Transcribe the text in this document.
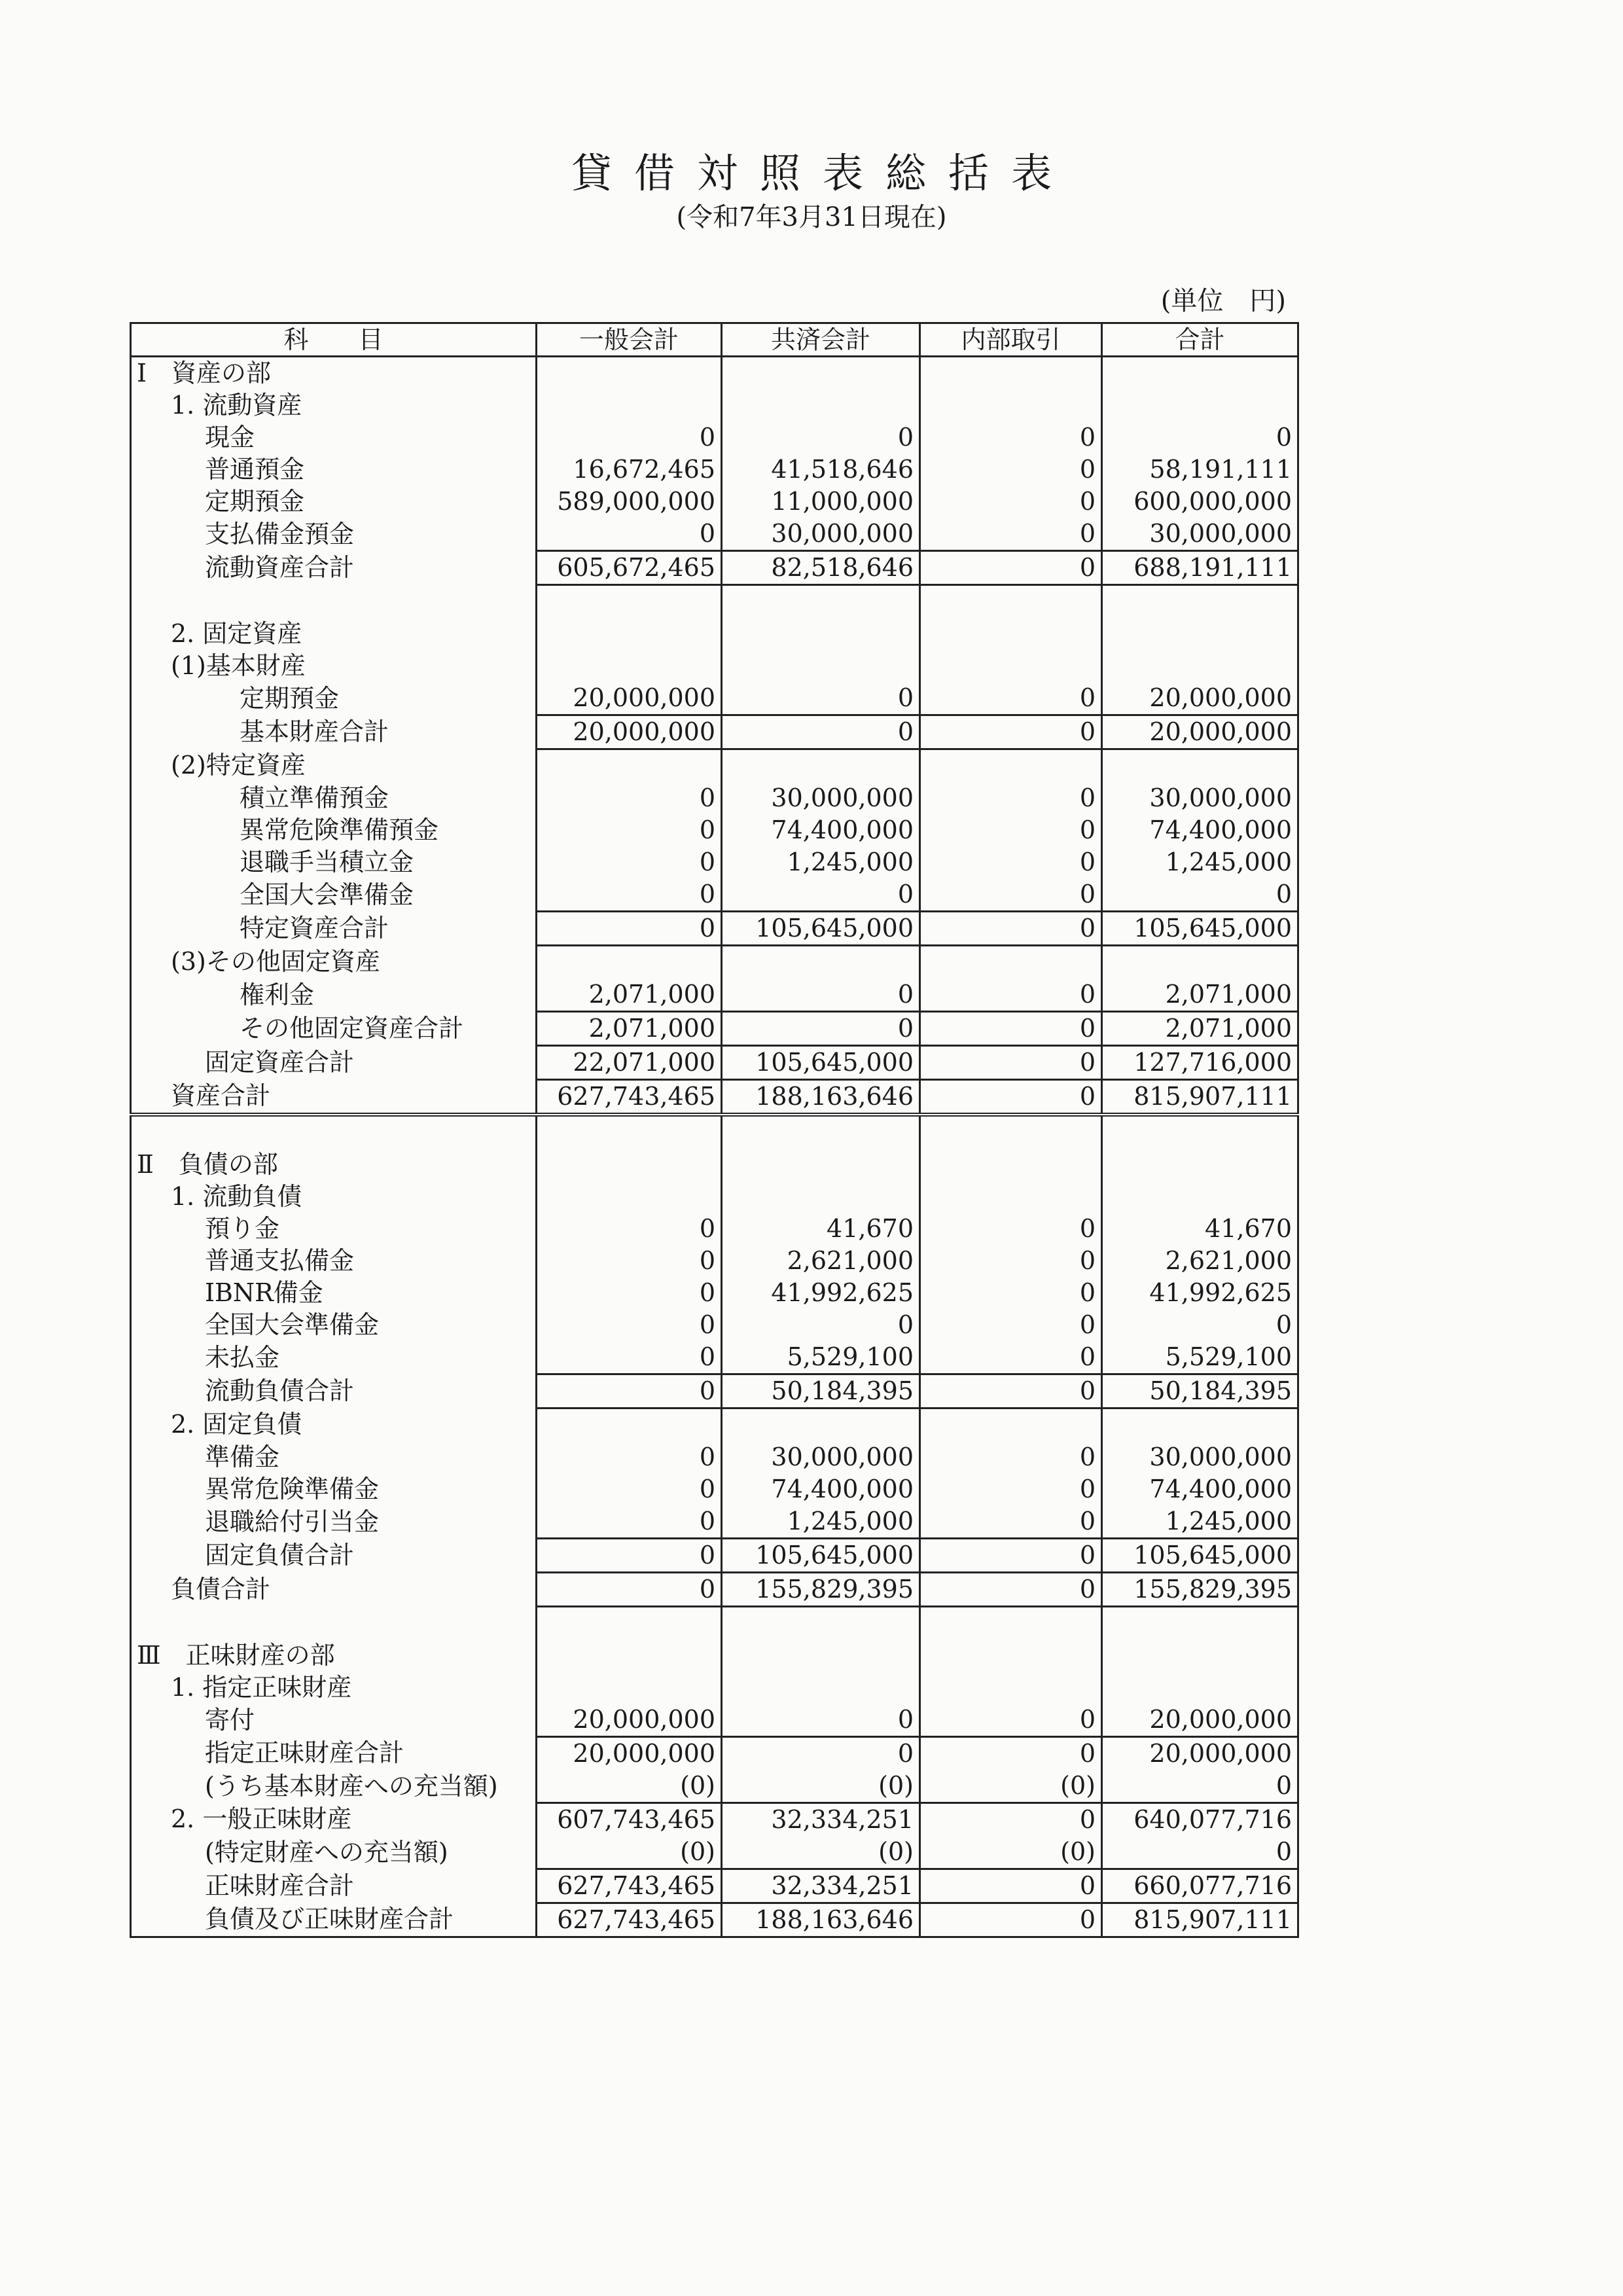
貸借対照表総括表
(令和7年3月31日現在)
(単位　円)
科　　目	一般会計	共済会計	内部取引	合計
Ⅰ　資産の部				
1. 流動資産				
現金	0	0	0	0
普通預金	16,672,465	41,518,646	0	58,191,111
定期預金	589,000,000	11,000,000	0	600,000,000
支払備金預金	0	30,000,000	0	30,000,000
流動資産合計	605,672,465	82,518,646	0	688,191,111

2. 固定資産				
(1)基本財産				
定期預金	20,000,000	0	0	20,000,000
基本財産合計	20,000,000	0	0	20,000,000
(2)特定資産				
積立準備預金	0	30,000,000	0	30,000,000
異常危険準備預金	0	74,400,000	0	74,400,000
退職手当積立金	0	1,245,000	0	1,245,000
全国大会準備金	0	0	0	0
特定資産合計	0	105,645,000	0	105,645,000
(3)その他固定資産				
権利金	2,071,000	0	0	2,071,000
その他固定資産合計	2,071,000	0	0	2,071,000
固定資産合計	22,071,000	105,645,000	0	127,716,000
資産合計	627,743,465	188,163,646	0	815,907,111

Ⅱ　負債の部				
1. 流動負債				
預り金	0	41,670	0	41,670
普通支払備金	0	2,621,000	0	2,621,000
IBNR備金	0	41,992,625	0	41,992,625
全国大会準備金	0	0	0	0
未払金	0	5,529,100	0	5,529,100
流動負債合計	0	50,184,395	0	50,184,395
2. 固定負債				
準備金	0	30,000,000	0	30,000,000
異常危険準備金	0	74,400,000	0	74,400,000
退職給付引当金	0	1,245,000	0	1,245,000
固定負債合計	0	105,645,000	0	105,645,000
負債合計	0	155,829,395	0	155,829,395

Ⅲ　正味財産の部				
1. 指定正味財産				
寄付	20,000,000	0	0	20,000,000
指定正味財産合計	20,000,000	0	0	20,000,000
(うち基本財産への充当額)	(0)	(0)	(0)	0
2. 一般正味財産	607,743,465	32,334,251	0	640,077,716
(特定財産への充当額)	(0)	(0)	(0)	0
正味財産合計	627,743,465	32,334,251	0	660,077,716
負債及び正味財産合計	627,743,465	188,163,646	0	815,907,111
